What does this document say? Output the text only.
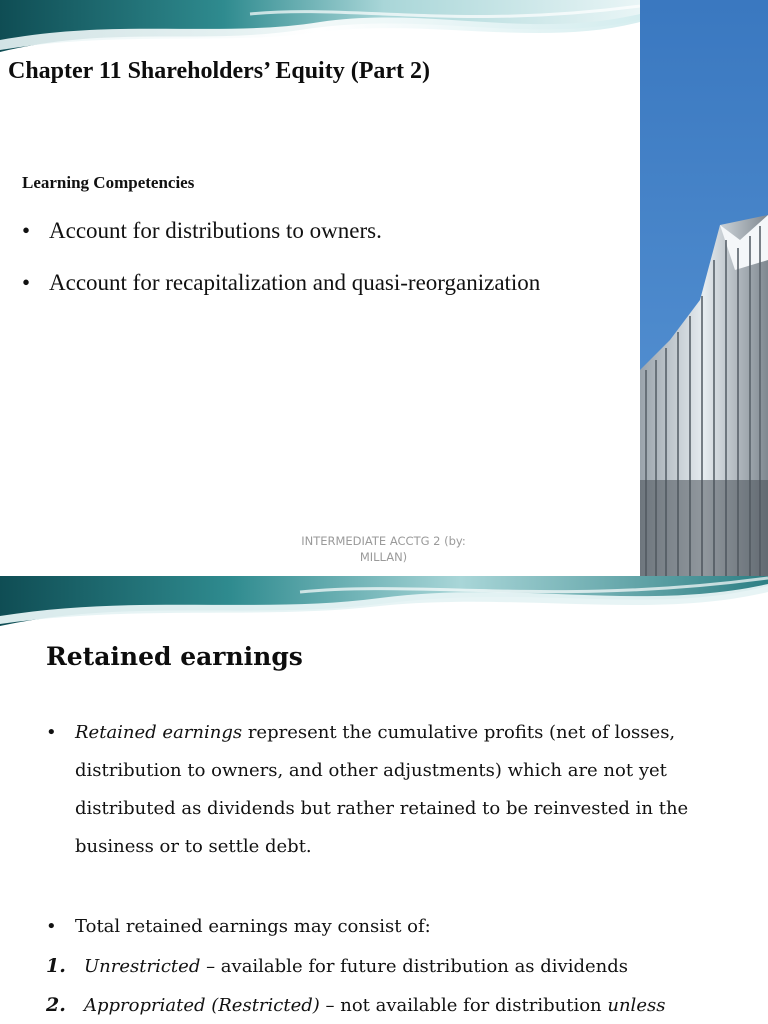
Chapter 11 Shareholders’ Equity (Part 2)
Learning Competencies
• Account for distributions to owners.
• Account for recapitalization and quasi-reorganization
INTERMEDIATE ACCTG 2 (by:
MILLAN)
Retained earnings
• Retained earnings represent the cumulative profits (net of losses, distribution to owners, and other adjustments) which are not yet distributed as dividends but rather retained to be reinvested in the business or to settle debt.

• Total retained earnings may consist of:

1. Unrestricted – available for future distribution as dividends
2. Appropriated (Restricted) – not available for distribution unless
